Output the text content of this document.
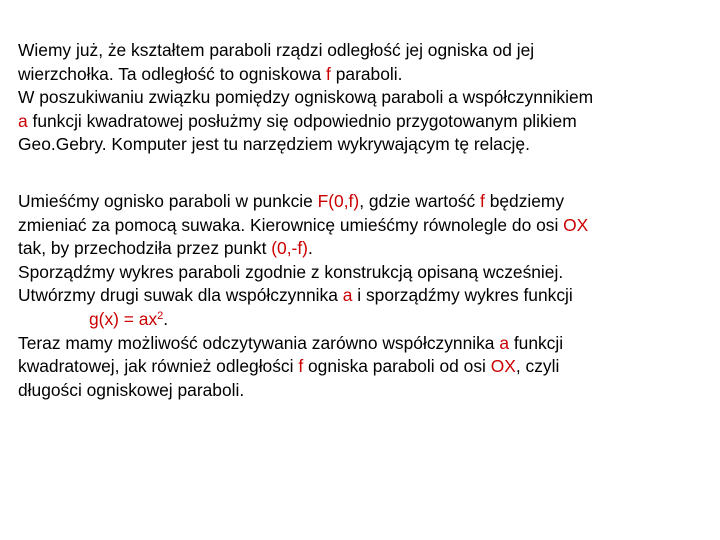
Wiemy już, że kształtem paraboli rządzi odległość jej ogniska od jej
wierzchołka. Ta odległość to ogniskowa f paraboli.
W poszukiwaniu związku pomiędzy ogniskową paraboli a współczynnikiem
a funkcji kwadratowej posłużmy się odpowiednio przygotowanym plikiem
Geo.Gebry. Komputer jest tu narzędziem wykrywającym tę relację.
Umieśćmy ognisko paraboli w punkcie F(0,f), gdzie wartość f będziemy
zmieniać za pomocą suwaka. Kierownicę umieśćmy równolegle do osi OX
tak, by przechodziła przez punkt (0,-f).
Sporządźmy wykres paraboli zgodnie z konstrukcją opisaną wcześniej.
Utwórzmy drugi suwak dla współczynnika a i sporządźmy wykres funkcji
$g(x) = ax^2$.
Teraz mamy możliwość odczytywania zarówno współczynnika a funkcji
kwadratowej, jak również odległości f ogniska paraboli od osi OX, czyli
długości ogniskowej paraboli.
